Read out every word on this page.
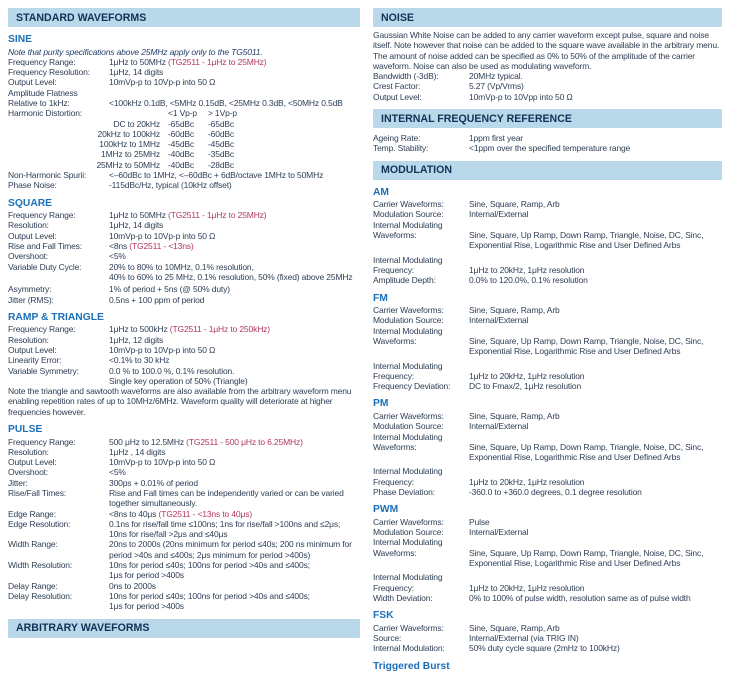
STANDARD WAVEFORMS
SINE
Note that purity specifications above 25MHz apply only to the TG5011.
Frequency Range:	1μHz to 50MHz (TG2511 - 1μHz to 25MHz)
Frequency Resolution:	1μHz, 14 digits
Output Level:	10mVp-p to 10Vp-p into 50 Ω
Amplitude Flatness
Relative to 1kHz:	<100kHz 0.1dB, <5MHz 0.15dB, <25MHz 0.3dB, <50MHz 0.5dB
Harmonic Distortion:	<1 Vp-p	> 1Vp-p
DC to 20kHz -65dBc	-65dBc
20kHz to 100kHz -60dBc	-60dBc
100kHz to 1MHz -45dBc	-45dBc
1MHz to 25MHz -40dBc	-35dBc
25MHz to 50MHz -40dBc	-28dBc
Non-Harmonic Spurii:	<–60dBc to 1MHz, <–60dBc + 6dB/octave 1MHz to 50MHz
Phase Noise:	-115dBc/Hz, typical (10kHz offset)
SQUARE
Frequency Range:	1μHz to 50MHz (TG2511 - 1μHz to 25MHz)
Resolution:	1μHz, 14 digits
Output Level:	10mVp-p to 10Vp-p into 50 Ω
Rise and Fall Times:	<8ns (TG2511 - <13ns)
Overshoot:	<5%
Variable Duty Cycle:	20% to 80% to 10MHz, 0.1% resolution,
40% to 60% to 25 MHz, 0.1% resolution, 50% (fixed) above 25MHz
Asymmetry:	1% of period + 5ns (@ 50% duty)
Jitter (RMS):	0.5ns + 100 ppm of period
RAMP & TRIANGLE
Frequency Range:	1μHz to 500kHz (TG2511 - 1μHz to 250kHz)
Resolution:	1μHz, 12 digits
Output Level:	10mVp-p to 10Vp-p into 50 Ω
Linearity Error:	<0.1% to 30 kHz
Variable Symmetry:	0.0 % to 100.0 %, 0.1% resolution.
Single key operation of 50% (Triangle)
Note the triangle and sawtooth waveforms are also available from the arbitrary waveform menu enabling repetition rates of up to 10MHz/6MHz. Waveform quality will deteriorate at higher frequencies however.
PULSE
Frequency Range:	500 μHz to 12.5MHz (TG2511 - 500 μHz to 6.25MHz)
Resolution:	1μHz , 14 digits
Output Level:	10mVp-p to 10Vp-p into 50 Ω
Overshoot:	<5%
Jitter:	300ps + 0.01% of period
Rise/Fall Times:	Rise and Fall times can be independently varied or can be varied
together simultaneously.
Edge Range:	<8ns to 40μs (TG2511 - <13ns to 40μs)
Edge Resolution:	0.1ns for rise/fall time ≤100ns; 1ns for rise/fall >100ns and ≤2μs;
10ns for rise/fall >2μs and ≤40μs
Width Range:	20ns to 2000s (20ns minimum for period ≤40s; 200 ns minimum for
period >40s and ≤400s; 2μs minimum for period >400s)
Width Resolution:	10ns for period ≤40s; 100ns for period >40s and ≤400s;
1μs for period >400s
Delay Range:	0ns to 2000s
Delay Resolution:	10ns for period ≤40s; 100ns for period >40s and ≤400s;
1μs for period >400s
ARBITRARY WAVEFORMS
NOISE
Gaussian White Noise can be added to any carrier waveform except pulse, square and noise itself. Note however that noise can be added to the square wave available in the arbitrary menu. The amount of noise added can be specified as 0% to 50% of the amplitude of the carrier waveform. Noise can also be used as modulating waveform.
Bandwidth (-3dB):	20MHz typical.
Crest Factor:	5.27 (Vp/Vrms)
Output Level:	10mVp-p to 10Vpp into 50 Ω
INTERNAL FREQUENCY REFERENCE
Ageing Rate:	1ppm first year
Temp. Stability:	<1ppm over the specified temperature range
MODULATION
AM
Carrier Waveforms:	Sine, Square, Ramp, Arb
Modulation Source:	Internal/External
Internal Modulating
Waveforms:	Sine, Square, Up Ramp, Down Ramp, Triangle, Noise, DC, Sinc,
Exponential Rise, Logarithmic Rise and User Defined Arbs
Internal Modulating
Frequency:	1μHz to 20kHz, 1μHz resolution
Amplitude Depth:	0.0% to 120.0%, 0.1% resolution
FM
Carrier Waveforms:	Sine, Square, Ramp, Arb
Modulation Source:	Internal/External
Internal Modulating
Waveforms:	Sine, Square, Up Ramp, Down Ramp, Triangle, Noise, DC, Sinc,
Exponential Rise, Logarithmic Rise and User Defined Arbs
Internal Modulating
Frequency:	1μHz to 20kHz, 1μHz resolution
Frequency Deviation:	DC to Fmax/2, 1μHz resolution
PM
Carrier Waveforms:	Sine, Square, Ramp, Arb
Modulation Source:	Internal/External
Internal Modulating
Waveforms:	Sine, Square, Up Ramp, Down Ramp, Triangle, Noise, DC, Sinc,
Exponential Rise, Logarithmic Rise and User Defined Arbs
Internal Modulating
Frequency:	1μHz to 20kHz, 1μHz resolution
Phase Deviation:	-360.0 to +360.0 degrees, 0.1 degree resolution
PWM
Carrier Waveforms:	Pulse
Modulation Source:	Internal/External
Internal Modulating
Waveforms:	Sine, Square, Up Ramp, Down Ramp, Triangle, Noise, DC, Sinc,
Exponential Rise, Logarithmic Rise and User Defined Arbs
Internal Modulating
Frequency:	1μHz to 20kHz, 1μHz resolution
Width Deviation:	0% to 100% of pulse width, resolution same as of pulse width
FSK
Carrier Waveforms:	Sine, Square, Ramp, Arb
Source:	Internal/External (via TRIG IN)
Internal Modulation:	50% duty cycle square (2mHz to 100kHz)
Triggered Burst
